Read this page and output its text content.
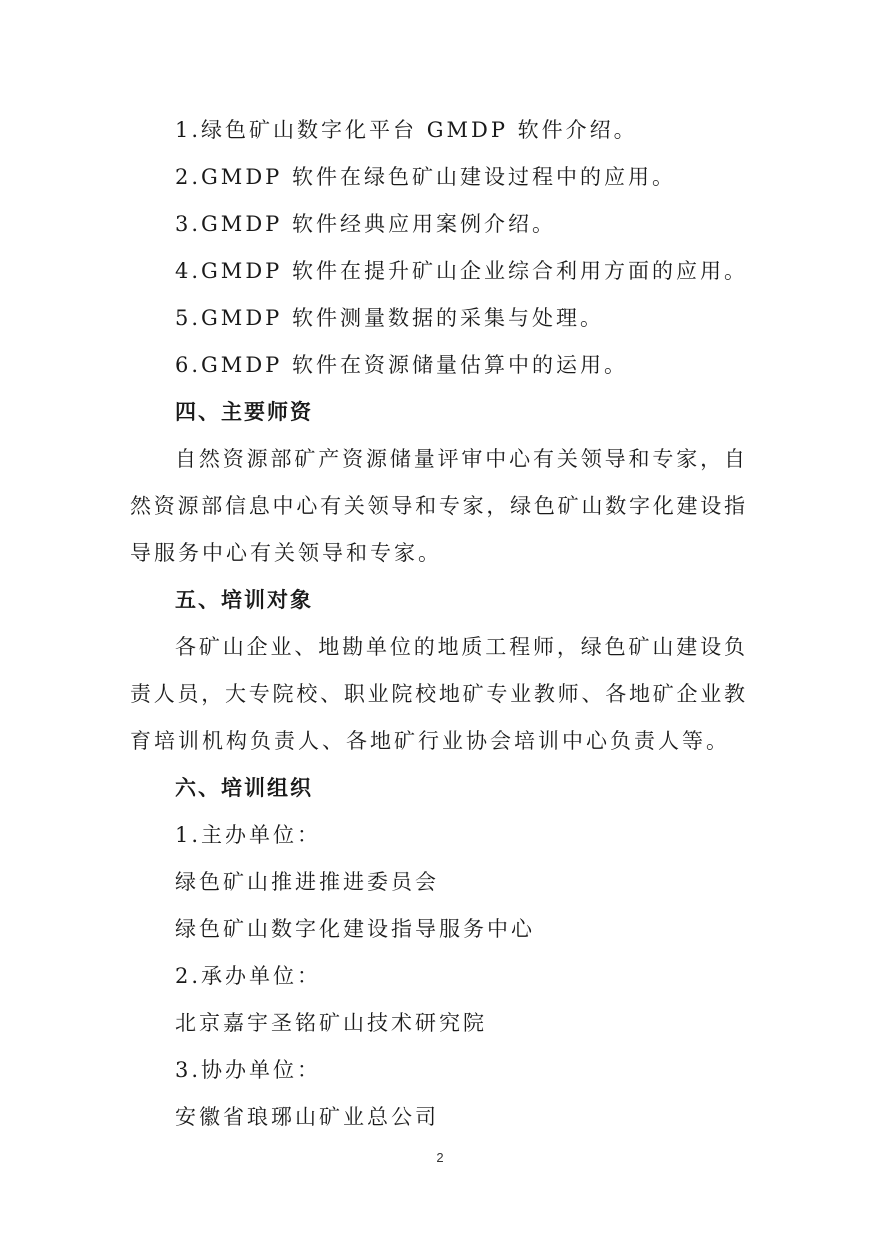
1.绿色矿山数字化平台 GMDP 软件介绍。
2.GMDP 软件在绿色矿山建设过程中的应用。
3.GMDP 软件经典应用案例介绍。
4.GMDP 软件在提升矿山企业综合利用方面的应用。
5.GMDP 软件测量数据的采集与处理。
6.GMDP 软件在资源储量估算中的运用。
四、主要师资
自然资源部矿产资源储量评审中心有关领导和专家，自
然资源部信息中心有关领导和专家，绿色矿山数字化建设指
导服务中心有关领导和专家。
五、培训对象
各矿山企业、地勘单位的地质工程师，绿色矿山建设负
责人员，大专院校、职业院校地矿专业教师、各地矿企业教
育培训机构负责人、各地矿行业协会培训中心负责人等。
六、培训组织
1.主办单位：
绿色矿山推进推进委员会
绿色矿山数字化建设指导服务中心
2.承办单位：
北京嘉宇圣铭矿山技术研究院
3.协办单位：
安徽省琅琊山矿业总公司
2
